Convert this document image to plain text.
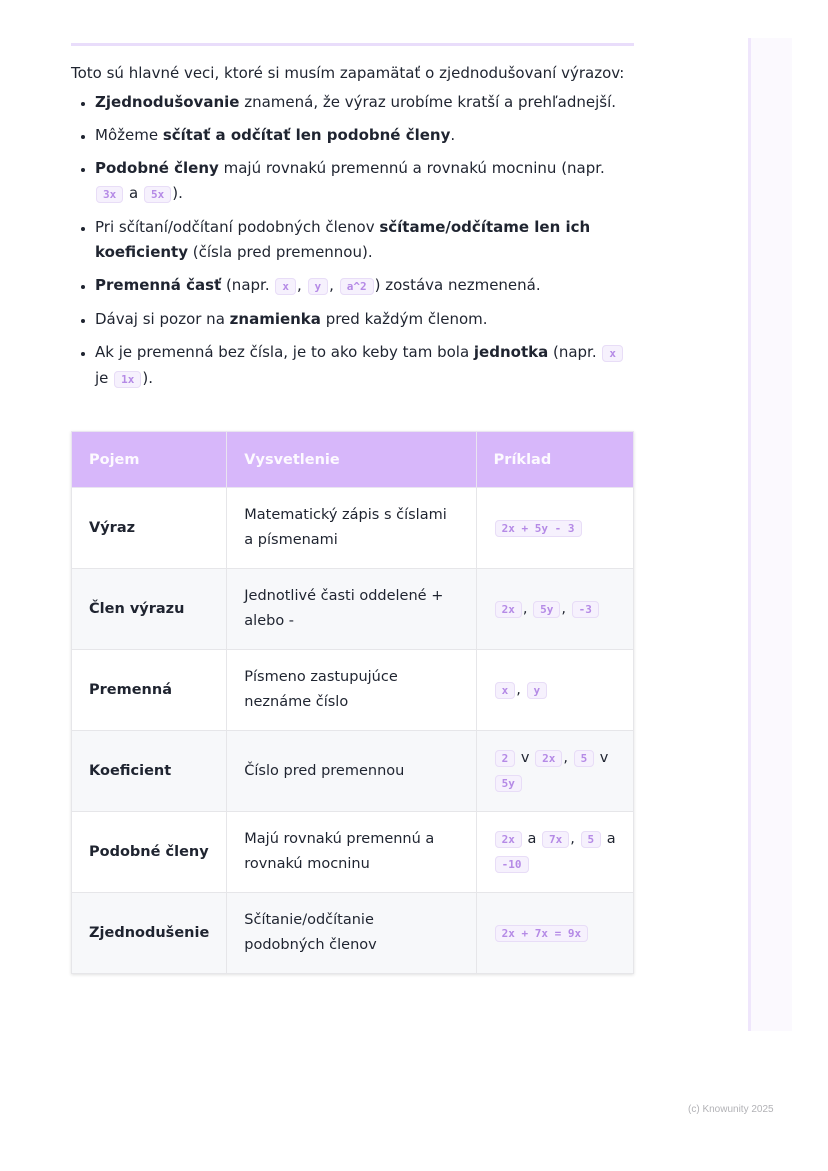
Toto sú hlavné veci, ktoré si musím zapamätať o zjednodušovaní výrazov:

• Zjednodušovanie znamená, že výraz urobíme kratší a prehľadnejší.
• Môžeme sčítať a odčítať len podobné členy.
• Podobné členy majú rovnakú premennú a rovnakú mocninu (napr. 3x a 5x ).
• Pri sčítaní/odčítaní podobných členov sčítame/odčítame len ich koeficienty (čísla pred premennou).
• Premenná časť (napr. x , y , a^2 ) zostáva nezmenená.
• Dávaj si pozor na znamienka pred každým členom.
• Ak je premenná bez čísla, je to ako keby tam bola jednotka (napr. x je 1x ).
Pojem	Vysvetlenie	Príklad
Výraz	Matematický zápis s číslami a písmenami	2x + 5y - 3
Člen výrazu	Jednotlivé časti oddelené + alebo -	2x , 5y , -3
Premenná	Písmeno zastupujúce neznáme číslo	x , y
Koeficient	Číslo pred premennou	2 v 2x , 5 v 5y
Podobné členy	Majú rovnakú premennú a rovnakú mocninu	2x a 7x , 5 a -10
Zjednodušenie	Sčítanie/odčítanie podobných členov	2x + 7x = 9x
(c) Knowunity 2025
